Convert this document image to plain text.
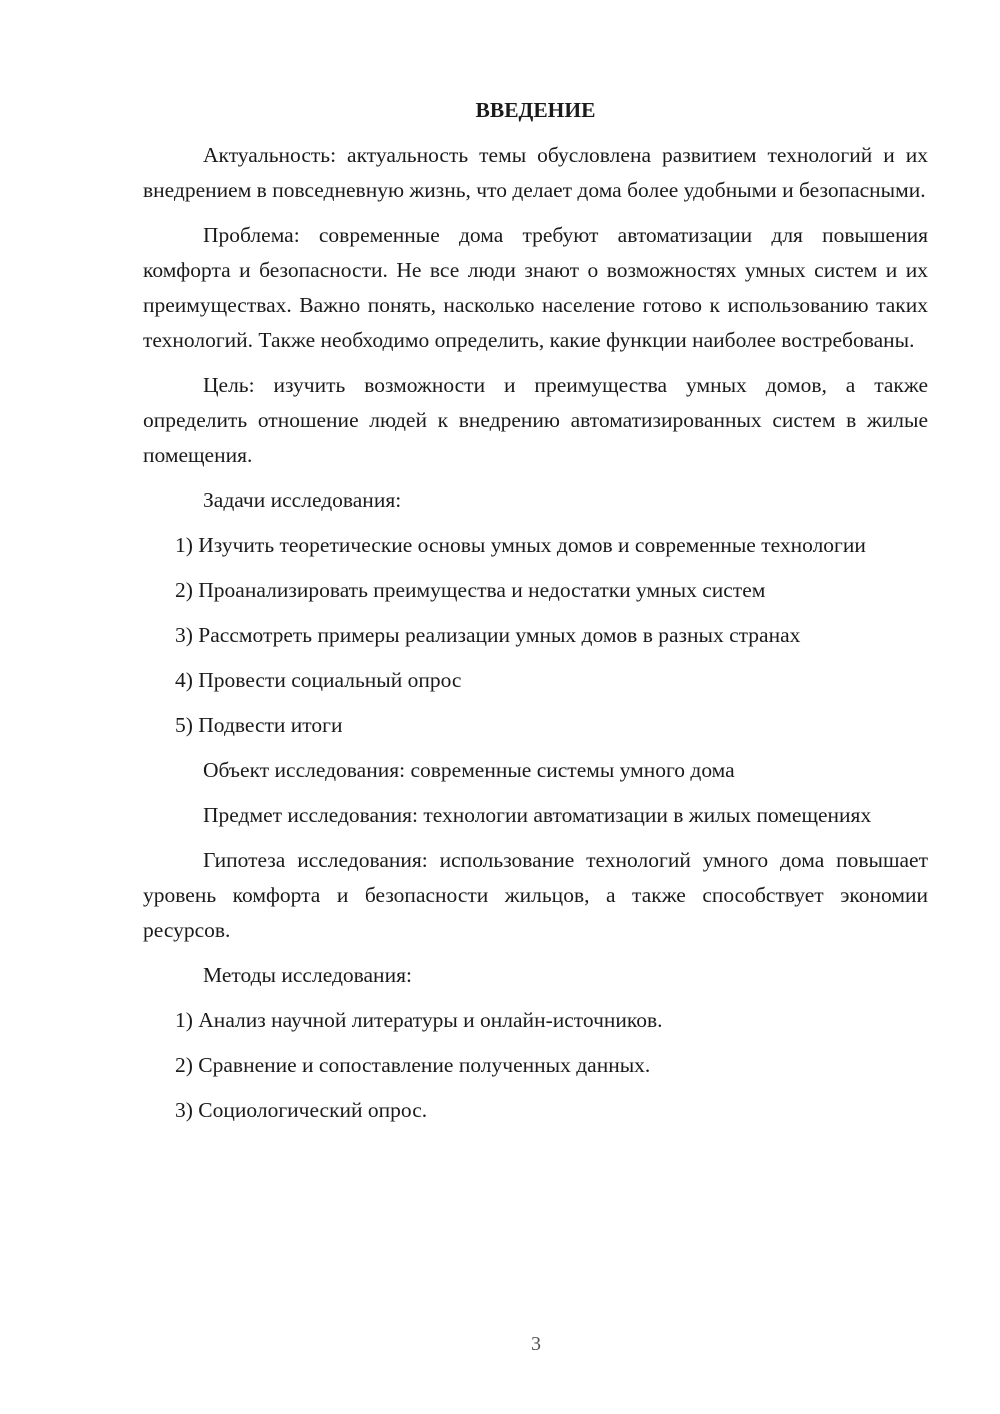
ВВЕДЕНИЕ

Актуальность: актуальность темы обусловлена развитием технологий и их внедрением в повседневную жизнь, что делает дома более удобными и безопасными.

Проблема: современные дома требуют автоматизации для повышения комфорта и безопасности. Не все люди знают о возможностях умных систем и их преимуществах. Важно понять, насколько население готово к использованию таких технологий. Также необходимо определить, какие функции наиболее востребованы.

Цель: изучить возможности и преимущества умных домов, а также определить отношение людей к внедрению автоматизированных систем в жилые помещения.

Задачи исследования:

1) Изучить теоретические основы умных домов и современные технологии

2) Проанализировать преимущества и недостатки умных систем

3) Рассмотреть примеры реализации умных домов в разных странах

4) Провести социальный опрос

5) Подвести итоги

Объект исследования: современные системы умного дома

Предмет исследования: технологии автоматизации в жилых помещениях

Гипотеза исследования: использование технологий умного дома повышает уровень комфорта и безопасности жильцов, а также способствует экономии ресурсов.

Методы исследования:

1) Анализ научной литературы и онлайн-источников.

2) Сравнение и сопоставление полученных данных.

3) Социологический опрос.

3
